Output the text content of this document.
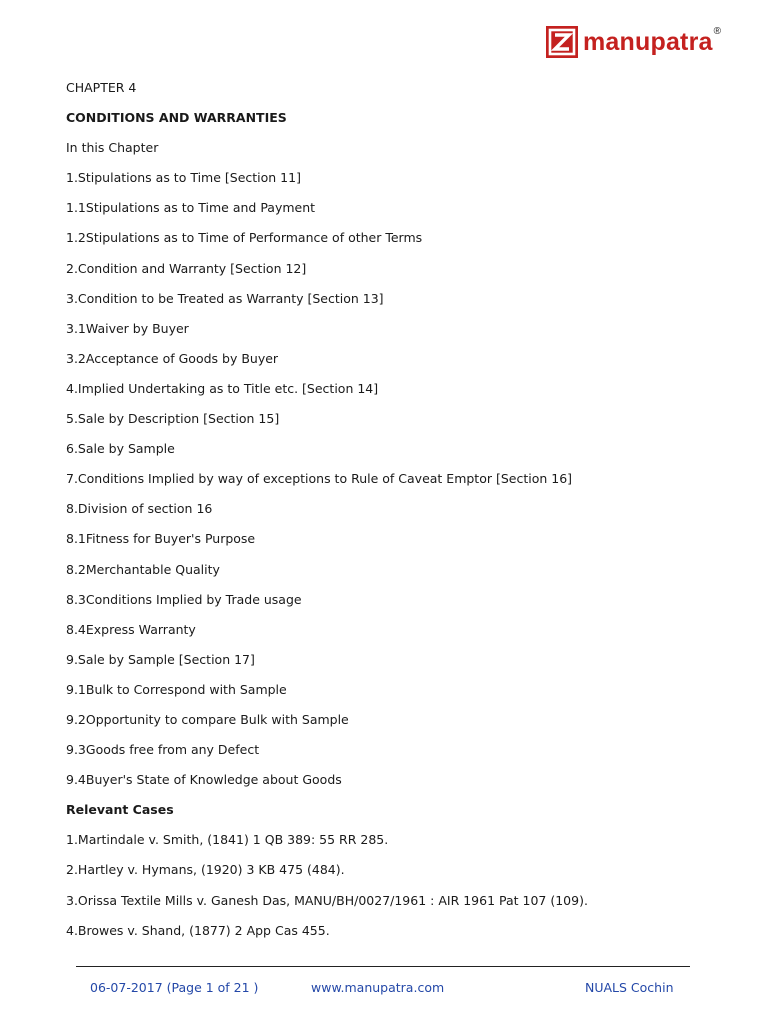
manupatra ®
CHAPTER 4
CONDITIONS AND WARRANTIES
In this Chapter
1.Stipulations as to Time [Section 11]
1.1Stipulations as to Time and Payment
1.2Stipulations as to Time of Performance of other Terms
2.Condition and Warranty [Section 12]
3.Condition to be Treated as Warranty [Section 13]
3.1Waiver by Buyer
3.2Acceptance of Goods by Buyer
4.Implied Undertaking as to Title etc. [Section 14]
5.Sale by Description [Section 15]
6.Sale by Sample
7.Conditions Implied by way of exceptions to Rule of Caveat Emptor [Section 16]
8.Division of section 16
8.1Fitness for Buyer's Purpose
8.2Merchantable Quality
8.3Conditions Implied by Trade usage
8.4Express Warranty
9.Sale by Sample [Section 17]
9.1Bulk to Correspond with Sample
9.2Opportunity to compare Bulk with Sample
9.3Goods free from any Defect
9.4Buyer's State of Knowledge about Goods
Relevant Cases
1.Martindale v. Smith, (1841) 1 QB 389: 55 RR 285.
2.Hartley v. Hymans, (1920) 3 KB 475 (484).
3.Orissa Textile Mills v. Ganesh Das, MANU/BH/0027/1961 : AIR 1961 Pat 107 (109).
4.Browes v. Shand, (1877) 2 App Cas 455.
06-07-2017 (Page 1 of 21 )	www.manupatra.com	NUALS Cochin
